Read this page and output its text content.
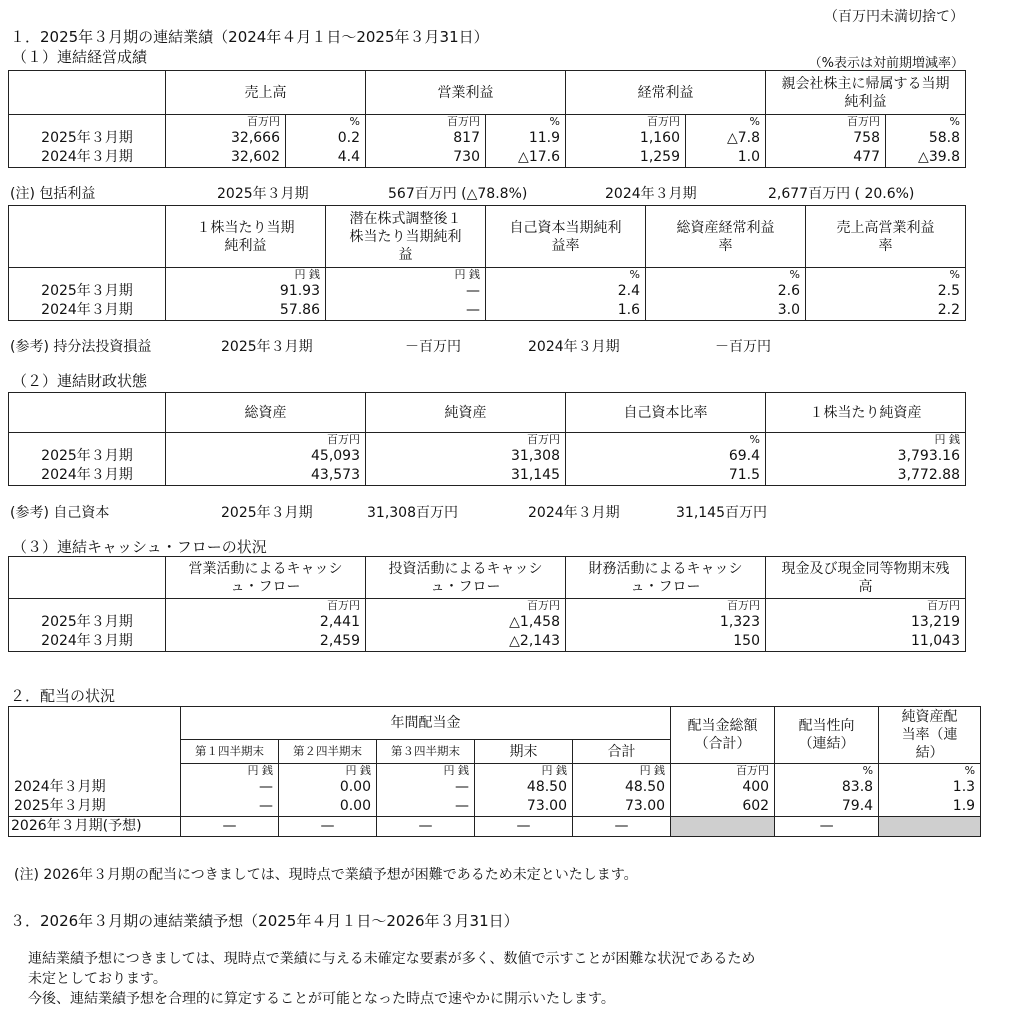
（百万円未満切捨て）
１．2025年３月期の連結業績（2024年４月１日～2025年３月31日）
（１）連結経営成績	（%表示は対前期増減率）
	売上高		営業利益		経常利益		親会社株主に帰属する当期純利益	
	百万円	%	百万円	%	百万円	%	百万円	%
2025年３月期	32,666	0.2	817	11.9	1,160	△7.8	758	58.8
2024年３月期	32,602	4.4	730	△17.6	1,259	1.0	477	△39.8
(注) 包括利益	2025年３月期	567百万円 (△78.8%)	2024年３月期	2,677百万円 ( 20.6%)
	１株当たり当期純利益	潜在株式調整後１株当たり当期純利益	自己資本当期純利益率	総資産経常利益率	売上高営業利益率
	円 銭	円 銭	%	%	%
2025年３月期	91.93	—	2.4	2.6	2.5
2024年３月期	57.86	—	1.6	3.0	2.2
(参考) 持分法投資損益	2025年３月期	－百万円	2024年３月期	－百万円
（２）連結財政状態
	総資産	純資産	自己資本比率	１株当たり純資産
	百万円	百万円	%	円 銭
2025年３月期	45,093	31,308	69.4	3,793.16
2024年３月期	43,573	31,145	71.5	3,772.88
(参考) 自己資本	2025年３月期	31,308百万円	2024年３月期	31,145百万円
（３）連結キャッシュ・フローの状況
	営業活動によるキャッシュ・フロー	投資活動によるキャッシュ・フロー	財務活動によるキャッシュ・フロー	現金及び現金同等物期末残高
	百万円	百万円	百万円	百万円
2025年３月期	2,441	△1,458	1,323	13,219
2024年３月期	2,459	△2,143	150	11,043
２．配当の状況
	年間配当金					配当金総額（合計）	配当性向（連結）	純資産配当率（連結）
	第１四半期末	第２四半期末	第３四半期末	期末	合計			
	円 銭	円 銭	円 銭	円 銭	円 銭	百万円	%	%
2024年３月期	—	0.00	—	48.50	48.50	400	83.8	1.3
2025年３月期	—	0.00	—	73.00	73.00	602	79.4	1.9
2026年３月期(予想)	—	—	—	—	—		—	
(注) 2026年３月期の配当につきましては、現時点で業績予想が困難であるため未定といたします。
３．2026年３月期の連結業績予想（2025年４月１日～2026年３月31日）
連結業績予想につきましては、現時点で業績に与える未確定な要素が多く、数値で示すことが困難な状況であるため
未定としております。
今後、連結業績予想を合理的に算定することが可能となった時点で速やかに開示いたします。
